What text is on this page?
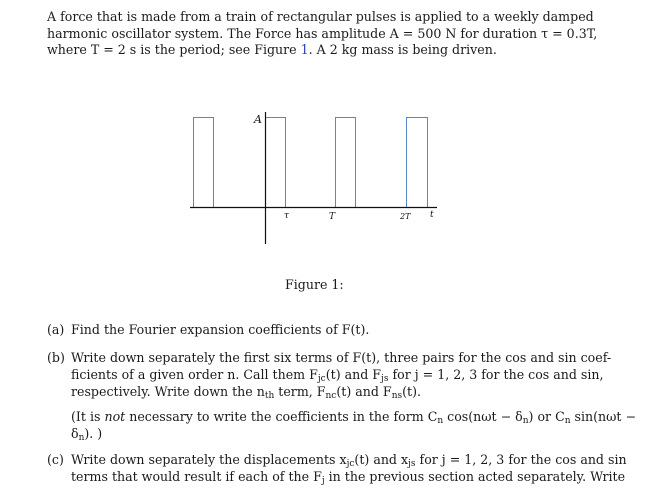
A force that is made from a train of rectangular pulses is applied to a weekly damped
harmonic oscillator system. The Force has amplitude A = 500 N for duration τ = 0.3T,
where T = 2 s is the period; see Figure 1. A 2 kg mass is being driven.
A
τ	T	2T t
Figure 1:
(a) Find the Fourier expansion coefficients of F(t).
(b) Write down separately the first six terms of F(t), three pairs for the cos and sin coef-
ficients of a given order n. Call them $F_{jc}(t)$ and $F_{js}$ for j = 1, 2, 3 for the cos and sin,
respectively. Write down the $n_{th}$ term, $F_{nc}(t)$ and $F_{ns}(t)$.
(It is not necessary to write the coefficients in the form $C_n$ $\cos(n\omega t - \delta_n)$ or $C_n$ sin(nωt −
$\delta_n$). )
(c) Write down separately the displacements $x_{jc}(t)$ and $x_{js}$ for j = 1, 2, 3 for the cos and sin
terms that would result if each of the $F_j$ in the previous section acted separately. Write
